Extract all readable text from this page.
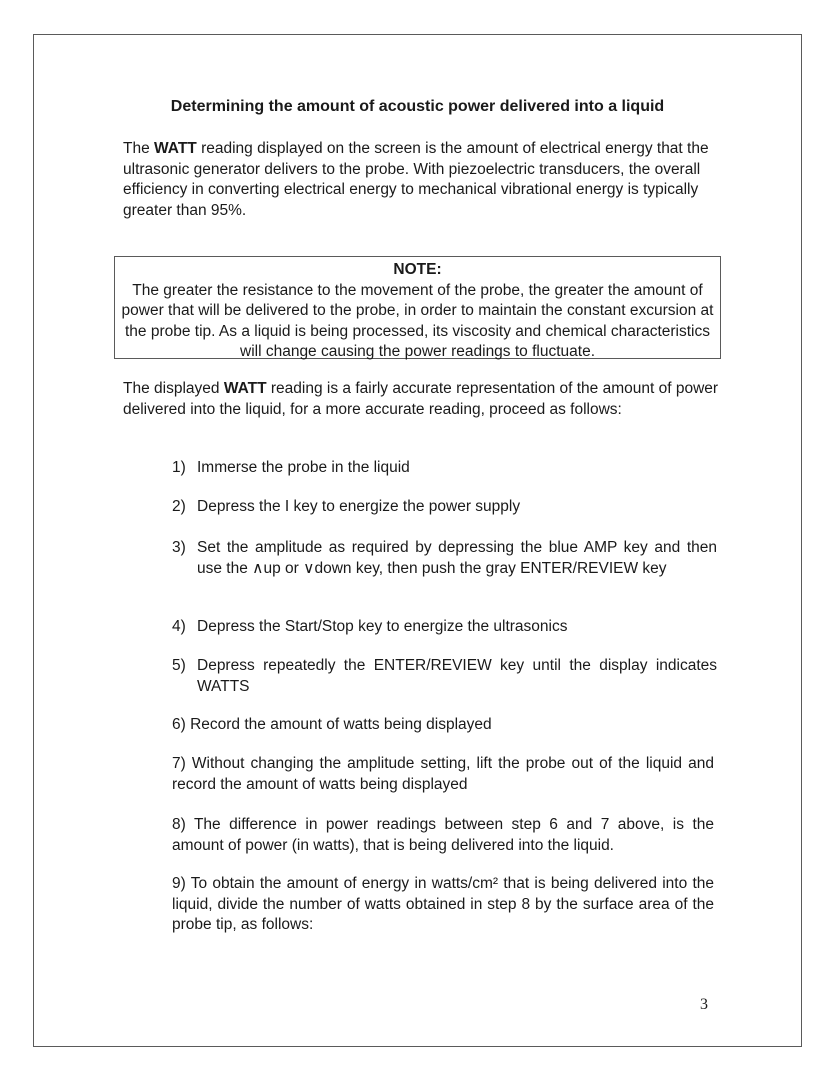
Determining the amount of acoustic power delivered into a liquid
The WATT reading displayed on the screen is the amount of electrical energy that the ultrasonic generator delivers to the probe. With piezoelectric transducers, the overall efficiency in converting electrical energy to mechanical vibrational energy is typically greater than 95%.
NOTE:
The greater the resistance to the movement of the probe, the greater the amount of power that will be delivered to the probe, in order to maintain the constant excursion at the probe tip. As a liquid is being processed, its viscosity and chemical characteristics will change causing the power readings to fluctuate.
The displayed WATT reading is a fairly accurate representation of the amount of power delivered into the liquid, for a more accurate reading, proceed as follows:
1) Immerse the probe in the liquid
2) Depress the I key to energize the power supply
3) Set the amplitude as required by depressing the blue AMP key and then use the ∧up or ∨down key, then push the gray ENTER/REVIEW key
4) Depress the Start/Stop key to energize the ultrasonics
5) Depress repeatedly the ENTER/REVIEW key until the display indicates WATTS
6) Record the amount of watts being displayed
7) Without changing the amplitude setting, lift the probe out of the liquid and record the amount of watts being displayed
8) The difference in power readings between step 6 and 7 above, is the amount of power (in watts), that is being delivered into the liquid.
9) To obtain the amount of energy in watts/cm² that is being delivered into the liquid, divide the number of watts obtained in step 8 by the surface area of the probe tip, as follows:
3
